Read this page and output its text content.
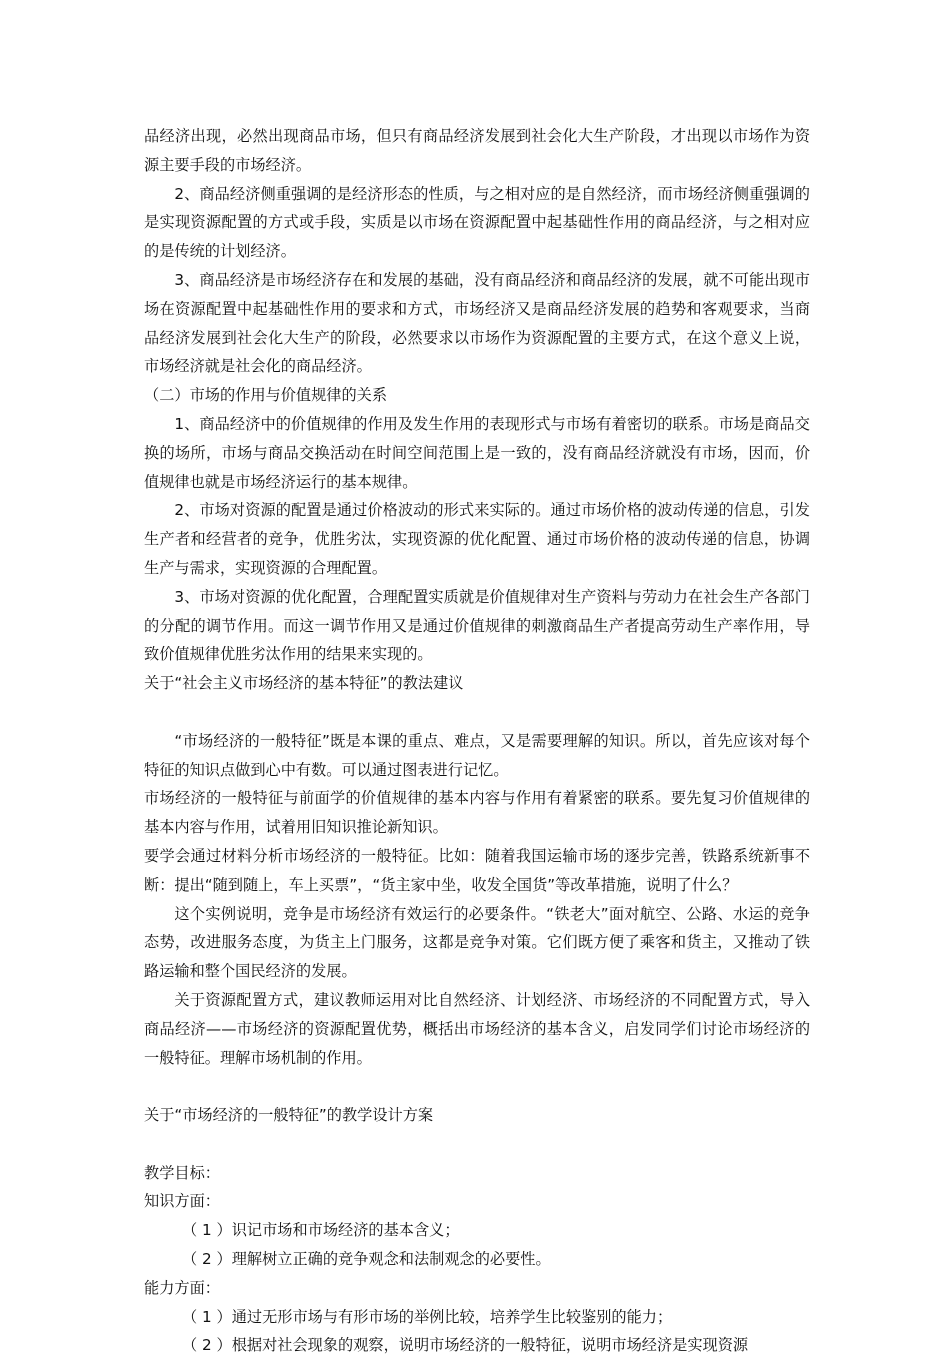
品经济出现，必然出现商品市场，但只有商品经济发展到社会化大生产阶段，才出现以市场作为资源主要手段的市场经济。

2、商品经济侧重强调的是经济形态的性质，与之相对应的是自然经济，而市场经济侧重强调的是实现资源配置的方式或手段，实质是以市场在资源配置中起基础性作用的商品经济，与之相对应的是传统的计划经济。

3、商品经济是市场经济存在和发展的基础，没有商品经济和商品经济的发展，就不可能出现市场在资源配置中起基础性作用的要求和方式，市场经济又是商品经济发展的趋势和客观要求，当商品经济发展到社会化大生产的阶段，必然要求以市场作为资源配置的主要方式，在这个意义上说，市场经济就是社会化的商品经济。

（二）市场的作用与价值规律的关系

1、商品经济中的价值规律的作用及发生作用的表现形式与市场有着密切的联系。市场是商品交换的场所，市场与商品交换活动在时间空间范围上是一致的，没有商品经济就没有市场，因而，价值规律也就是市场经济运行的基本规律。

2、市场对资源的配置是通过价格波动的形式来实际的。通过市场价格的波动传递的信息，引发生产者和经营者的竞争，优胜劣汰，实现资源的优化配置、通过市场价格的波动传递的信息，协调生产与需求，实现资源的合理配置。

3、市场对资源的优化配置，合理配置实质就是价值规律对生产资料与劳动力在社会生产各部门的分配的调节作用。而这一调节作用又是通过价值规律的刺激商品生产者提高劳动生产率作用，导致价值规律优胜劣汰作用的结果来实现的。

关于“社会主义市场经济的基本特征”的教法建议

“市场经济的一般特征”既是本课的重点、难点，又是需要理解的知识。所以，首先应该对每个特征的知识点做到心中有数。可以通过图表进行记忆。

市场经济的一般特征与前面学的价值规律的基本内容与作用有着紧密的联系。要先复习价值规律的基本内容与作用，试着用旧知识推论新知识。

要学会通过材料分析市场经济的一般特征。比如：随着我国运输市场的逐步完善，铁路系统新事不断：提出“随到随上，车上买票”，“货主家中坐，收发全国货”等改革措施，说明了什么？

这个实例说明，竞争是市场经济有效运行的必要条件。“铁老大”面对航空、公路、水运的竞争态势，改进服务态度，为货主上门服务，这都是竞争对策。它们既方便了乘客和货主，又推动了铁路运输和整个国民经济的发展。

关于资源配置方式，建议教师运用对比自然经济、计划经济、市场经济的不同配置方式，导入商品经济——市场经济的资源配置优势，概括出市场经济的基本含义，启发同学们讨论市场经济的一般特征。理解市场机制的作用。

关于“市场经济的一般特征”的教学设计方案

教学目标：

知识方面：

（ 1 ）识记市场和市场经济的基本含义；

（ 2 ）理解树立正确的竞争观念和法制观念的必要性。

能力方面：

（ 1 ）通过无形市场与有形市场的举例比较，培养学生比较鉴别的能力；

（ 2 ）根据对社会现象的观察，说明市场经济的一般特征，说明市场经济是实现资源
